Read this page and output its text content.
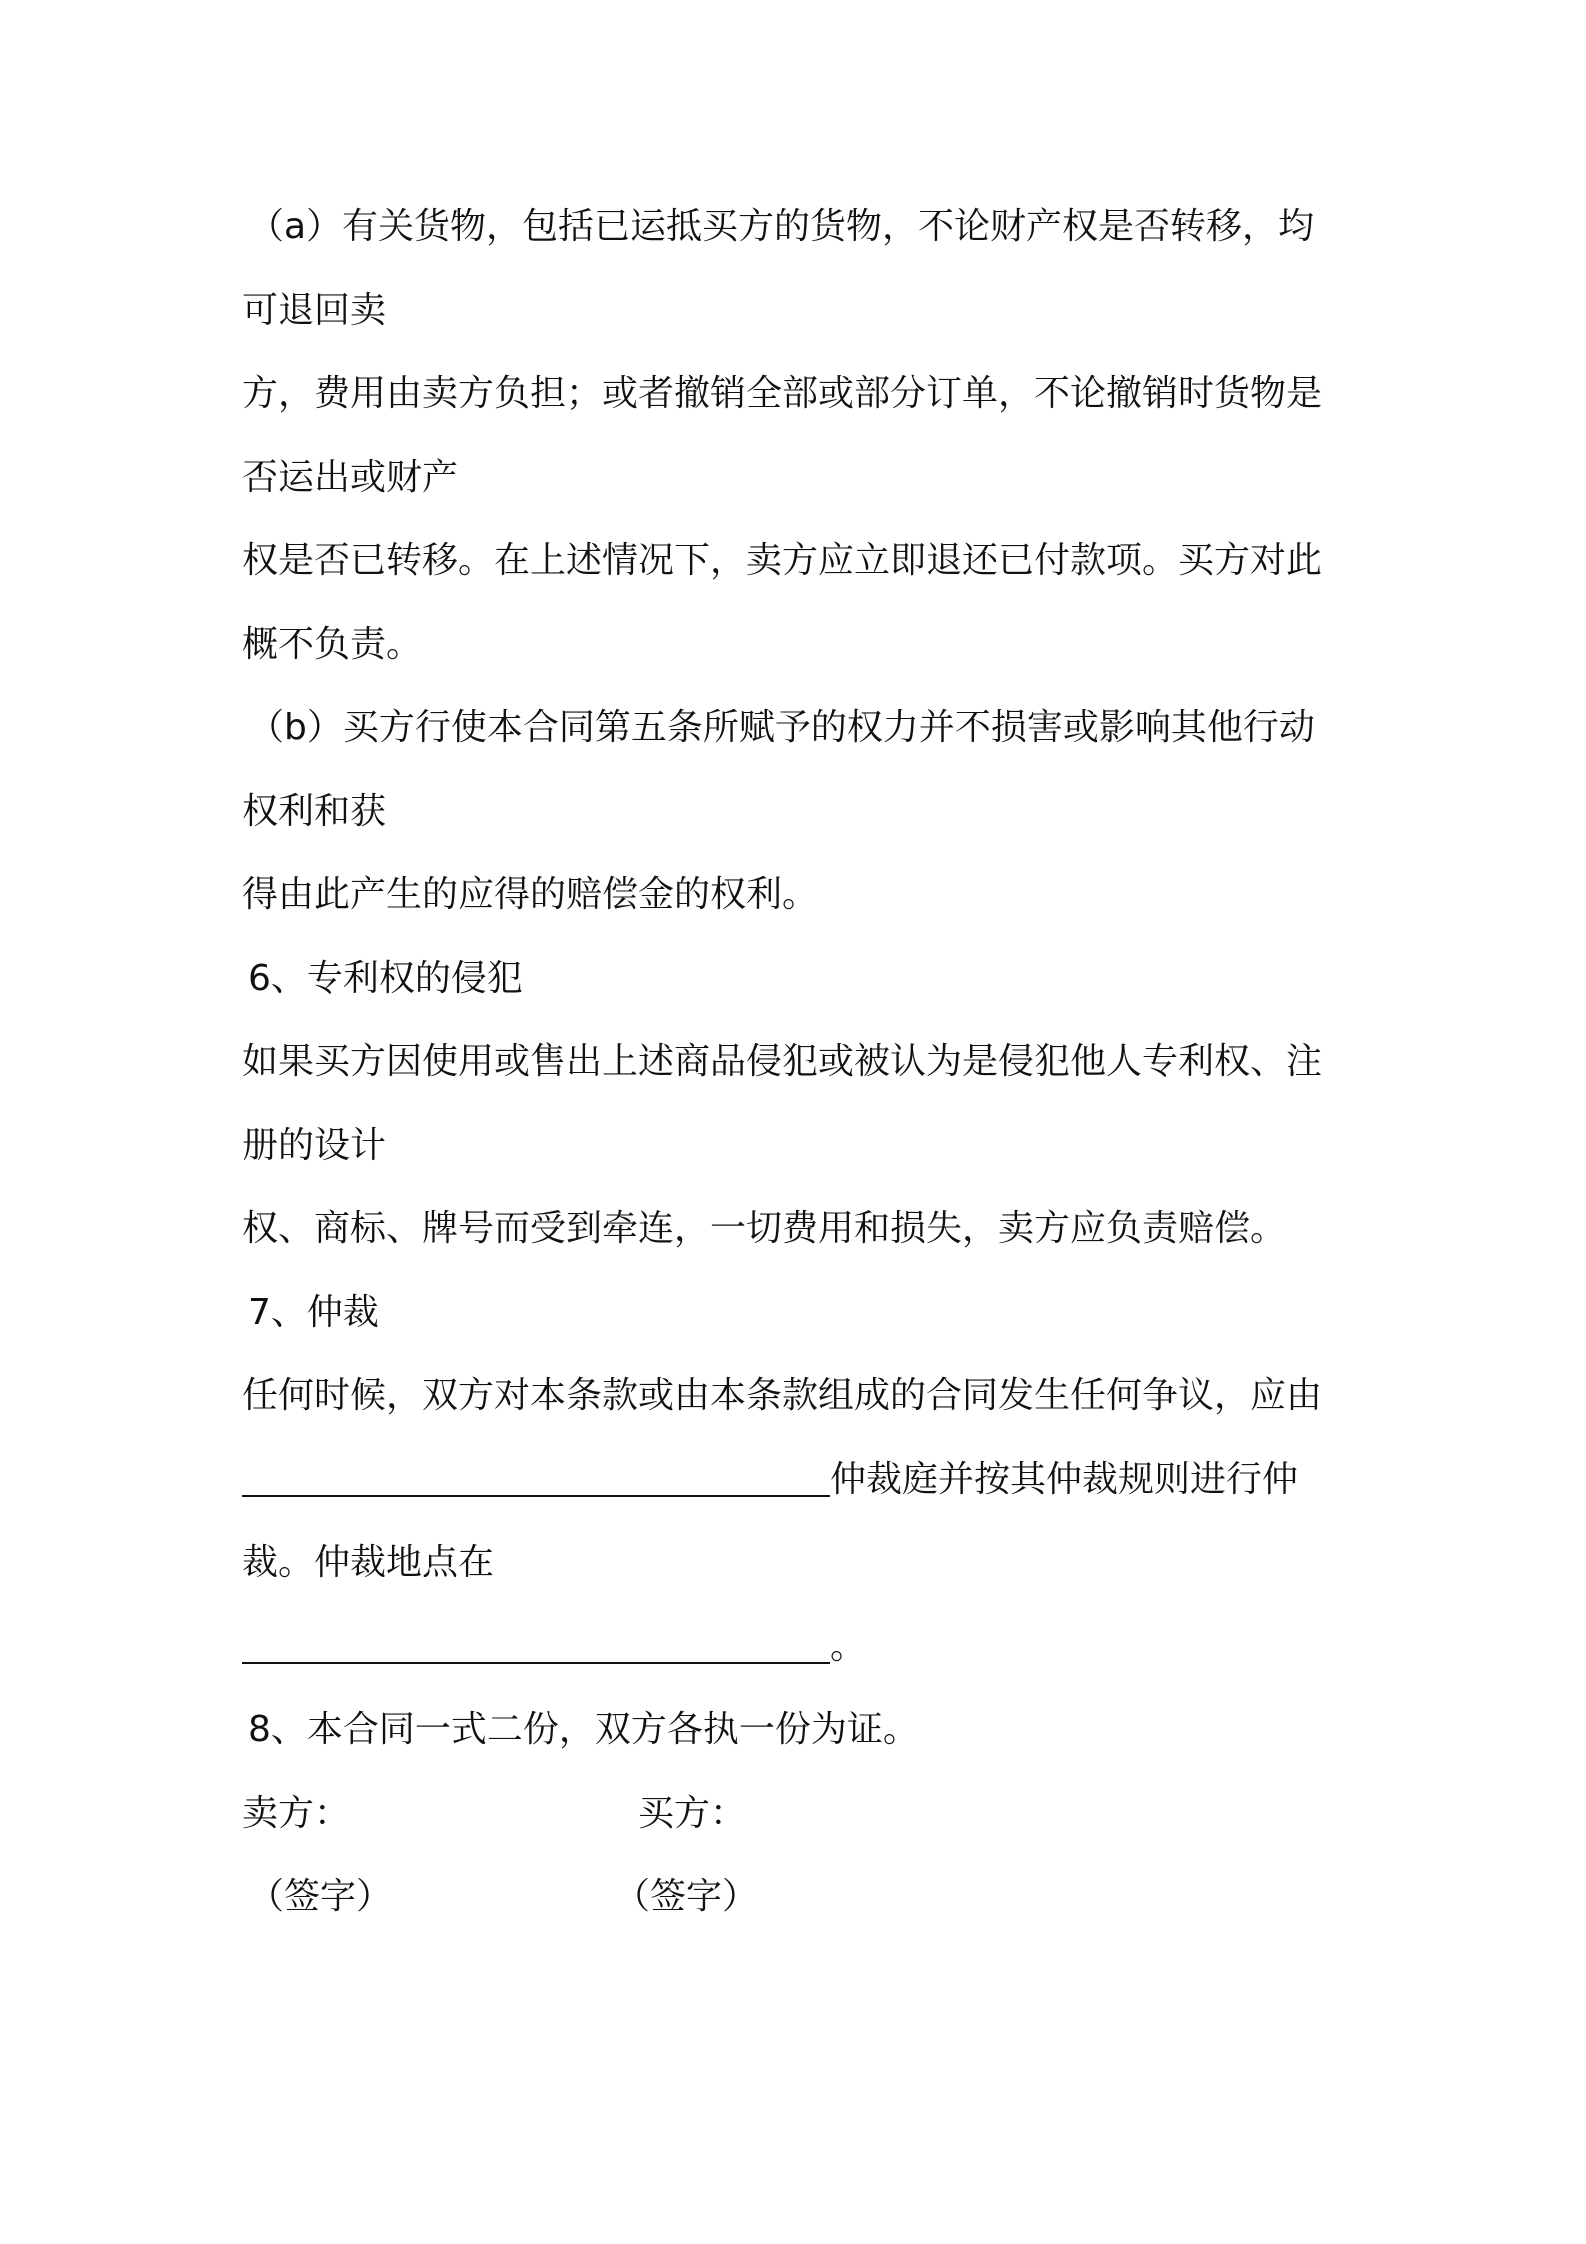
（a）有关货物，包括已运抵买方的货物，不论财产权是否转移，均
可退回卖
方，费用由卖方负担；或者撤销全部或部分订单，不论撤销时货物是
否运出或财产
权是否已转移。在上述情况下，卖方应立即退还已付款项。买方对此
概不负责。
（b）买方行使本合同第五条所赋予的权力并不损害或影响其他行动
权利和获
得由此产生的应得的赔偿金的权利。
6、专利权的侵犯
如果买方因使用或售出上述商品侵犯或被认为是侵犯他人专利权、注
册的设计
权、商标、牌号而受到牵连，一切费用和损失，卖方应负责赔偿。
7、仲裁
任何时候，双方对本条款或由本条款组成的合同发生任何争议，应由
仲裁庭并按其仲裁规则进行仲
裁。仲裁地点在
。
8、本合同一式二份，双方各执一份为证。
卖方：	买方：
（签字）	（签字）
